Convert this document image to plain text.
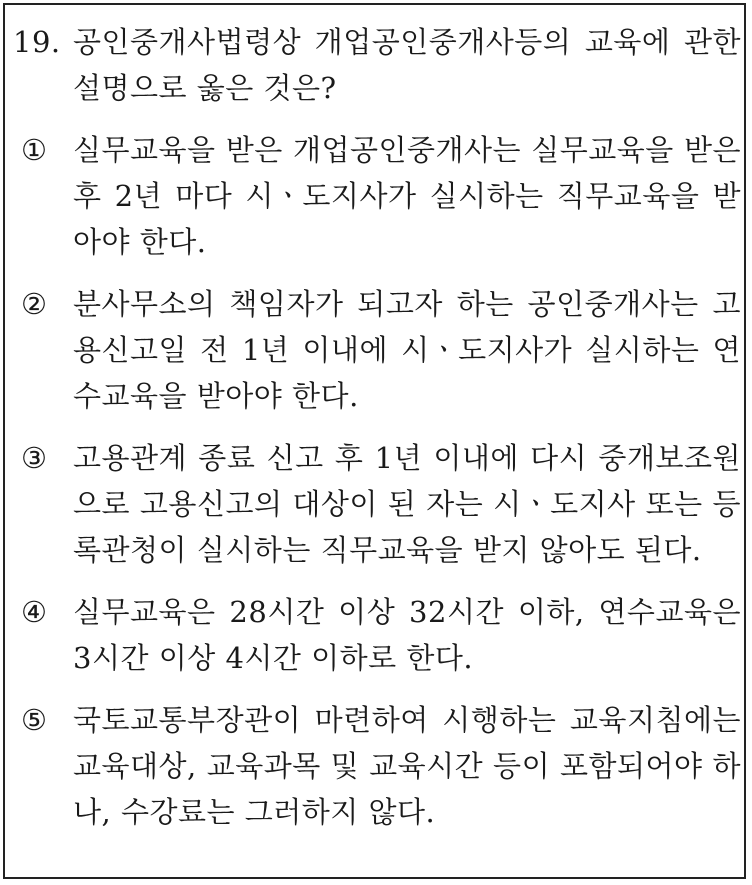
19. 공인중개사법령상 개업공인중개사등의 교육에 관한 설명으로 옳은 것은?
① 실무교육을 받은 개업공인중개사는 실무교육을 받은 후 2년 마다 시ㆍ도지사가 실시하는 직무교육을 받아야 한다.
② 분사무소의 책임자가 되고자 하는 공인중개사는 고용신고일 전 1년 이내에 시ㆍ도지사가 실시하는 연수교육을 받아야 한다.
③ 고용관계 종료 신고 후 1년 이내에 다시 중개보조원으로 고용신고의 대상이 된 자는 시ㆍ도지사 또는 등록관청이 실시하는 직무교육을 받지 않아도 된다.
④ 실무교육은 28시간 이상 32시간 이하, 연수교육은 3시간 이상 4시간 이하로 한다.
⑤ 국토교통부장관이 마련하여 시행하는 교육지침에는 교육대상, 교육과목 및 교육시간 등이 포함되어야 하나, 수강료는 그러하지 않다.
